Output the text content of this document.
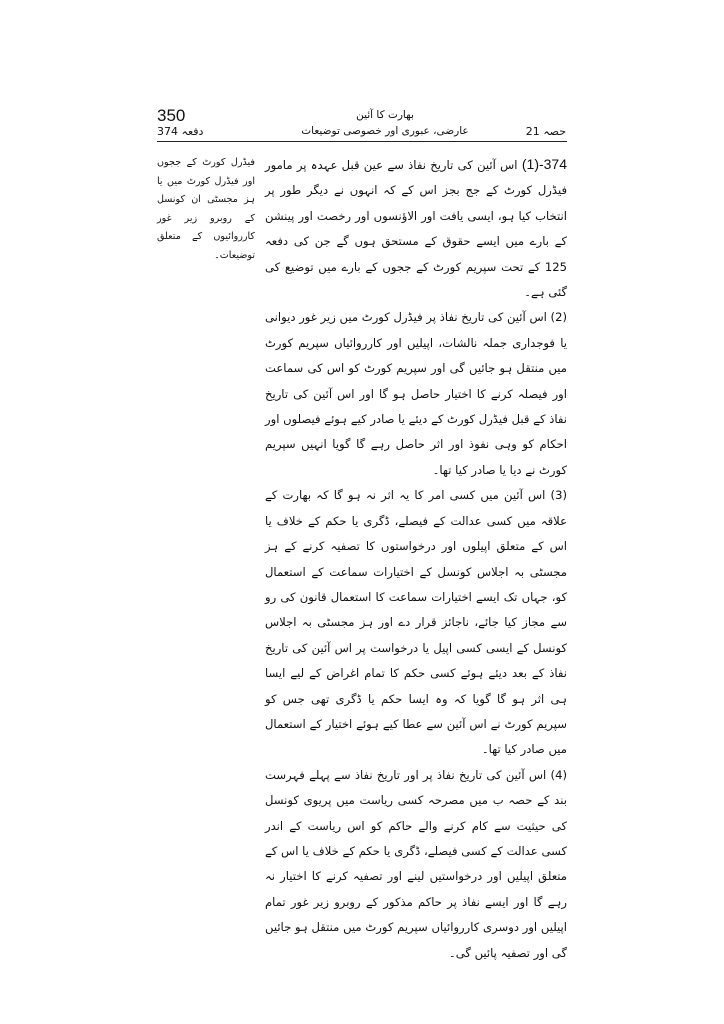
350	بھارت کا آئین
عارضی، عبوری اور خصوصی توضیعات	حصہ 21
دفعہ 374
فیڈرل کورٹ کے ججوں اور فیڈرل کورٹ میں یا ہز مجسٹی ان کونسل کے روبرو زیر غور کارروائیوں کے متعلق توضیعات۔

374-(1) اس آئین کی تاریخ نفاذ سے عین قبل عہدہ پر مامور فیڈرل کورٹ کے جج بجز اس کے کہ انہوں نے دیگر طور پر انتخاب کیا ہو، ایسی یافت اور الاؤنسوں اور رخصت اور پینشن کے بارے میں ایسے حقوق کے مستحق ہوں گے جن کی دفعہ 125 کے تحت سپریم کورٹ کے ججوں کے بارے میں توضیع کی گئی ہے۔

(2) اس آئین کی تاریخ نفاذ پر فیڈرل کورٹ میں زیر غور دیوانی یا فوجداری جملہ نالشات، اپیلیں اور کارروائیاں سپریم کورٹ میں منتقل ہو جائیں گی اور سپریم کورٹ کو اس کی سماعت اور فیصلہ کرنے کا اختیار حاصل ہو گا اور اس آئین کی تاریخ نفاذ کے قبل فیڈرل کورٹ کے دیئے یا صادر کیے ہوئے فیصلوں اور احکام کو وہی نفوذ اور اثر حاصل رہے گا گویا انہیں سپریم کورٹ نے دیا یا صادر کیا تھا۔

(3) اس آئین میں کسی امر کا یہ اثر نہ ہو گا کہ بھارت کے علاقہ میں کسی عدالت کے فیصلے، ڈگری یا حکم کے خلاف یا اس کے متعلق اپیلوں اور درخواستوں کا تصفیہ کرنے کے ہز مجسٹی بہ اجلاس کونسل کے اختیارات سماعت کے استعمال کو، جہاں تک ایسے اختیارات سماعت کا استعمال قانون کی رو سے مجاز کیا جائے، ناجائز قرار دے اور ہز مجسٹی بہ اجلاس کونسل کے ایسی کسی اپیل یا درخواست پر اس آئین کی تاریخ نفاذ کے بعد دیئے ہوئے کسی حکم کا تمام اغراض کے لیے ایسا ہی اثر ہو گا گویا کہ وہ ایسا حکم یا ڈگری تھی جس کو سپریم کورٹ نے اس آئین سے عطا کیے ہوئے اختیار کے استعمال میں صادر کیا تھا۔

(4) اس آئین کی تاریخ نفاذ پر اور تاریخ نفاذ سے پہلے فہرست بند کے حصہ ب میں مصرحہ کسی ریاست میں پریوی کونسل کی حیثیت سے کام کرنے والے حاکم کو اس ریاست کے اندر کسی عدالت کے کسی فیصلے، ڈگری یا حکم کے خلاف یا اس کے متعلق اپیلیں اور درخواستیں لینے اور تصفیہ کرنے کا اختیار نہ رہے گا اور ایسے نفاذ پر حاکم مذکور کے روبرو زیر غور تمام اپیلیں اور دوسری کارروائیاں سپریم کورٹ میں منتقل ہو جائیں گی اور تصفیہ پائیں گی۔
